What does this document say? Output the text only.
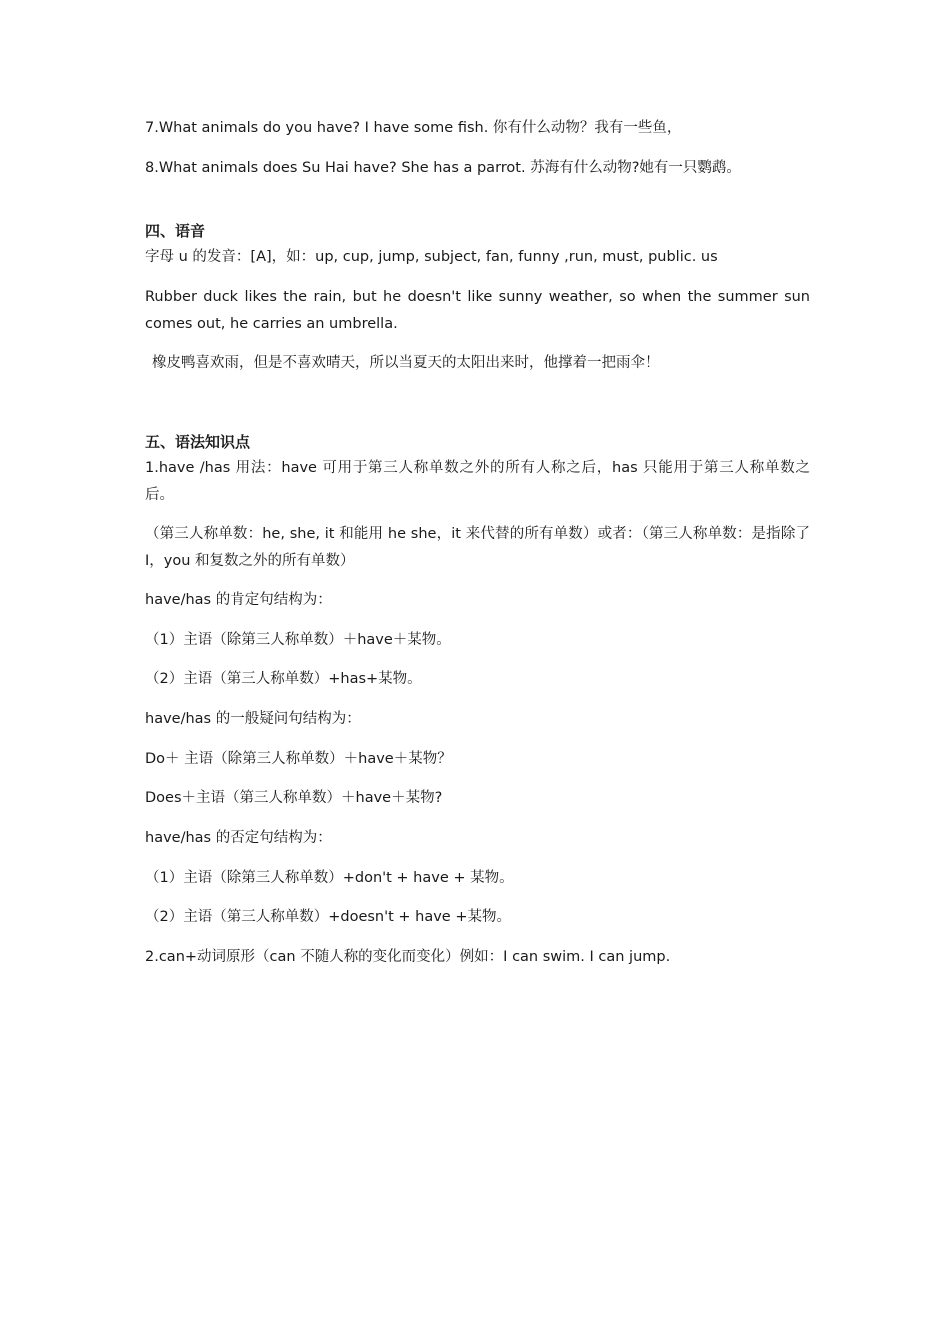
7.What animals do you have? I have some fish. 你有什么动物？我有一些鱼，
8.What animals does Su Hai have? She has a parrot. 苏海有什么动物?她有一只鹦鹉。
四、语音
字母 u 的发音：[A]，如：up, cup, jump, subject, fan, funny ,run, must, public. us
Rubber duck likes the rain, but he doesn't like sunny weather, so when the summer sun comes out, he carries an umbrella.
橡皮鸭喜欢雨，但是不喜欢晴天，所以当夏天的太阳出来时，他撑着一把雨伞！
五、语法知识点
1.have /has 用法：have 可用于第三人称单数之外的所有人称之后，has 只能用于第三人称单数之后。
（第三人称单数：he, she, it 和能用 he she，it 来代替的所有单数）或者：（第三人称单数：是指除了 I，you 和复数之外的所有单数）
have/has 的肯定句结构为：
（1）主语（除第三人称单数）＋have＋某物。
（2）主语（第三人称单数）+has+某物。
have/has 的一般疑问句结构为：
Do＋ 主语（除第三人称单数）＋have＋某物？
Does＋主语（第三人称单数）＋have＋某物?
have/has 的否定句结构为：
（1）主语（除第三人称单数）+don't + have + 某物。
（2）主语（第三人称单数）+doesn't + have +某物。
2.can+动词原形（can 不随人称的变化而变化）例如：I can swim. I can jump.
